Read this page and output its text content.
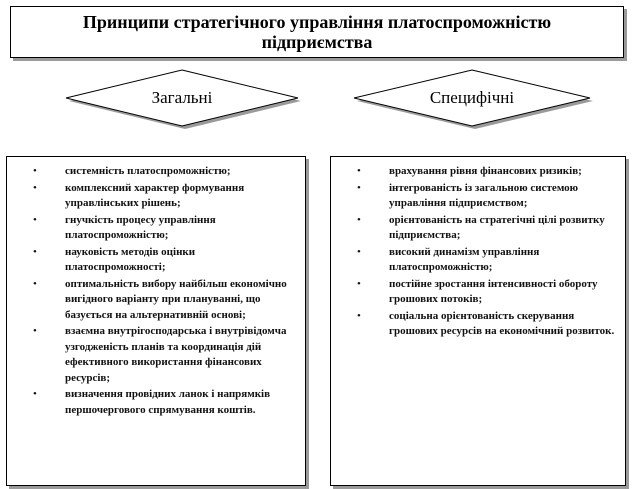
Принципи стратегічного управління платоспроможністю підприємства
Загальні	Специфічні
•	системність платоспроможністю;
•	комплексний характер формування управлінських рішень;
•	гнучкість процесу управління платоспроможністю;
•	науковість методів оцінки платоспроможності;
•	оптимальність вибору найбільш економічно вигідного варіанту при плануванні, що базується на альтернативній основі;
•	взаємна внутрігосподарська і внутрівідомча узгодженість планів та координація дій ефективного використання фінансових ресурсів;
•	визначення провідних ланок і напрямків першочергового спрямування коштів.
•	врахування рівня фінансових ризиків;
•	інтегрованість із загальною системою управління підприємством;
•	орієнтованість на стратегічні цілі розвитку підприємства;
•	високий динамізм управління платоспроможністю;
•	постійне зростання інтенсивності обороту грошових потоків;
•	соціальна орієнтованість скерування грошових ресурсів на економічний розвиток.
